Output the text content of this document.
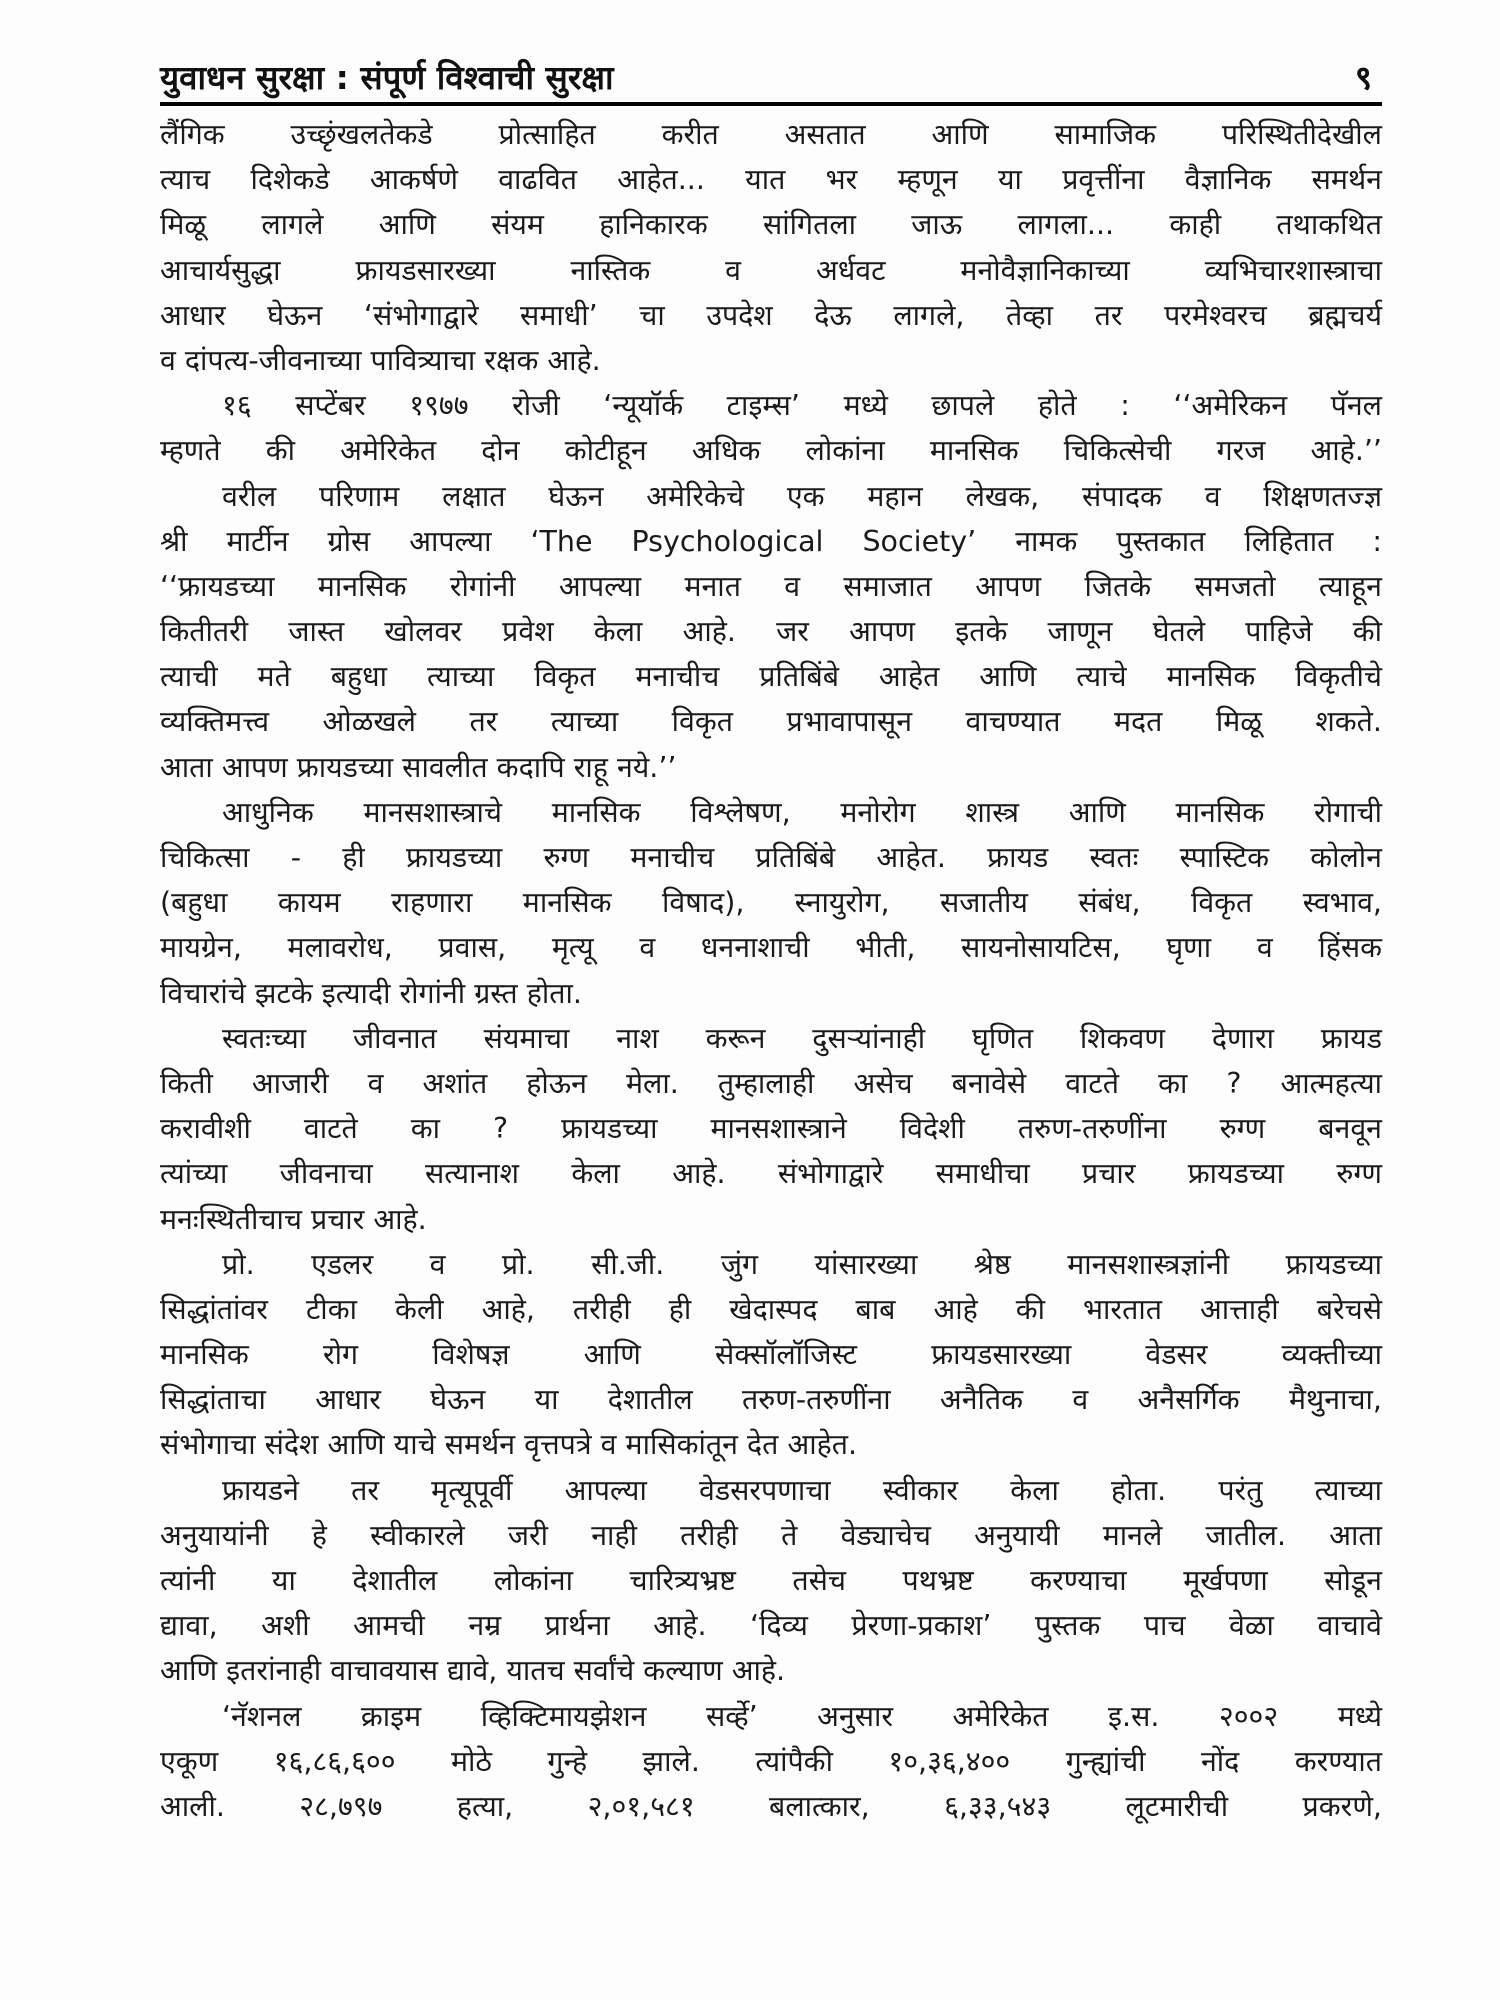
युवाधन सुरक्षा : संपूर्ण विश्वाची सुरक्षा	९
लैंगिक उच्छृंखलतेकडे प्रोत्साहित करीत असतात आणि सामाजिक परिस्थितीदेखील
त्याच दिशेकडे आकर्षणे वाढवित आहेत... यात भर म्हणून या प्रवृत्तींना वैज्ञानिक समर्थन
मिळू लागले आणि संयम हानिकारक सांगितला जाऊ लागला... काही तथाकथित
आचार्यसुद्धा फ्रायडसारख्या नास्तिक व अर्धवट मनोवैज्ञानिकाच्या व्यभिचारशास्त्राचा
आधार घेऊन ‘संभोगाद्वारे समाधी’ चा उपदेश देऊ लागले, तेव्हा तर परमेश्वरच ब्रह्मचर्य
व दांपत्य-जीवनाच्या पावित्र्याचा रक्षक आहे.
१६ सप्टेंबर १९७७ रोजी ‘न्यूयॉर्क टाइम्स’ मध्ये छापले होते : ‘‘अमेरिकन पॅनल
म्हणते की अमेरिकेत दोन कोटीहून अधिक लोकांना मानसिक चिकित्सेची गरज आहे.’’
वरील परिणाम लक्षात घेऊन अमेरिकेचे एक महान लेखक, संपादक व शिक्षणतज्ज्ञ
श्री मार्टीन ग्रोस आपल्या ‘The Psychological Society’ नामक पुस्तकात लिहितात :
‘‘फ्रायडच्या मानसिक रोगांनी आपल्या मनात व समाजात आपण जितके समजतो त्याहून
कितीतरी जास्त खोलवर प्रवेश केला आहे. जर आपण इतके जाणून घेतले पाहिजे की
त्याची मते बहुधा त्याच्या विकृत मनाचीच प्रतिबिंबे आहेत आणि त्याचे मानसिक विकृतीचे
व्यक्तिमत्त्व ओळखले तर त्याच्या विकृत प्रभावापासून वाचण्यात मदत मिळू शकते.
आता आपण फ्रायडच्या सावलीत कदापि राहू नये.’’
आधुनिक मानसशास्त्राचे मानसिक विश्लेषण, मनोरोग शास्त्र आणि मानसिक रोगाची
चिकित्सा - ही फ्रायडच्या रुग्ण मनाचीच प्रतिबिंबे आहेत. फ्रायड स्वतः स्पास्टिक कोलोन
(बहुधा कायम राहणारा मानसिक विषाद), स्नायुरोग, सजातीय संबंध, विकृत स्वभाव,
मायग्रेन, मलावरोध, प्रवास, मृत्यू व धननाशाची भीती, सायनोसायटिस, घृणा व हिंसक
विचारांचे झटके इत्यादी रोगांनी ग्रस्त होता.
स्वतःच्या जीवनात संयमाचा नाश करून दुसऱ्यांनाही घृणित शिकवण देणारा फ्रायड
किती आजारी व अशांत होऊन मेला. तुम्हालाही असेच बनावेसे वाटते का ? आत्महत्या
करावीशी वाटते का ? फ्रायडच्या मानसशास्त्राने विदेशी तरुण-तरुणींना रुग्ण बनवून
त्यांच्या जीवनाचा सत्यानाश केला आहे. संभोगाद्वारे समाधीचा प्रचार फ्रायडच्या रुग्ण
मनःस्थितीचाच प्रचार आहे.
प्रो. एडलर व प्रो. सी.जी. जुंग यांसारख्या श्रेष्ठ मानसशास्त्रज्ञांनी फ्रायडच्या
सिद्धांतांवर टीका केली आहे, तरीही ही खेदास्पद बाब आहे की भारतात आत्ताही बरेचसे
मानसिक रोग विशेषज्ञ आणि सेक्सॉलॉजिस्ट फ्रायडसारख्या वेडसर व्यक्तीच्या
सिद्धांताचा आधार घेऊन या देशातील तरुण-तरुणींना अनैतिक व अनैसर्गिक मैथुनाचा,
संभोगाचा संदेश आणि याचे समर्थन वृत्तपत्रे व मासिकांतून देत आहेत.
फ्रायडने तर मृत्यूपूर्वी आपल्या वेडसरपणाचा स्वीकार केला होता. परंतु त्याच्या
अनुयायांनी हे स्वीकारले जरी नाही तरीही ते वेड्याचेच अनुयायी मानले जातील. आता
त्यांनी या देशातील लोकांना चारित्र्यभ्रष्ट तसेच पथभ्रष्ट करण्याचा मूर्खपणा सोडून
द्यावा, अशी आमची नम्र प्रार्थना आहे. ‘दिव्य प्रेरणा-प्रकाश’ पुस्तक पाच वेळा वाचावे
आणि इतरांनाही वाचावयास द्यावे, यातच सर्वांचे कल्याण आहे.
‘नॅशनल क्राइम व्हिक्टिमायझेशन सर्व्हे’ अनुसार अमेरिकेत इ.स. २००२ मध्ये
एकूण १६,८६,६०० मोठे गुन्हे झाले. त्यांपैकी १०,३६,४०० गुन्ह्यांची नोंद करण्यात
आली. २८,७९७ हत्या, २,०१,५८१ बलात्कार, ६,३३,५४३ लूटमारीची प्रकरणे,
